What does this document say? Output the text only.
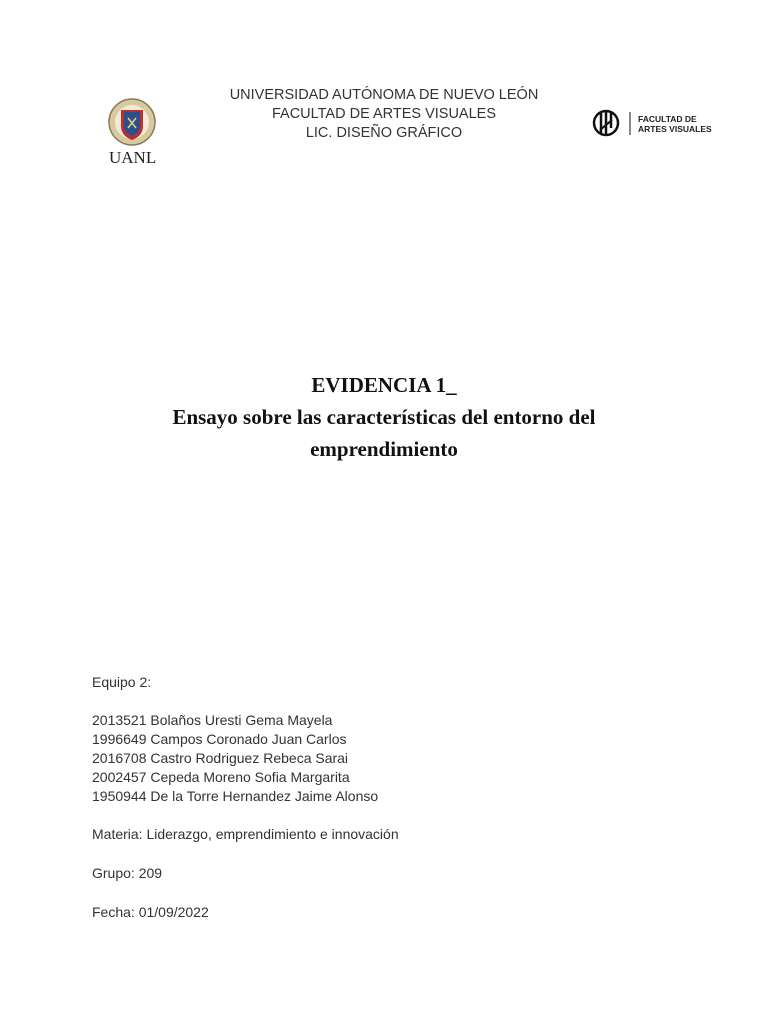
UANL
UNIVERSIDAD AUTÓNOMA DE NUEVO LEÓN
FACULTAD DE ARTES VISUALES
LIC. DISEÑO GRÁFICO
FACULTAD DE
ARTES VISUALES
EVIDENCIA 1_
Ensayo sobre las características del entorno del
emprendimiento
Equipo 2:
2013521 Bolaños Uresti Gema Mayela
1996649 Campos Coronado Juan Carlos
2016708 Castro Rodriguez Rebeca Sarai
2002457 Cepeda Moreno Sofia Margarita
1950944 De la Torre Hernandez Jaime Alonso
Materia: Liderazgo, emprendimiento e innovación
Grupo: 209
Fecha: 01/09/2022
